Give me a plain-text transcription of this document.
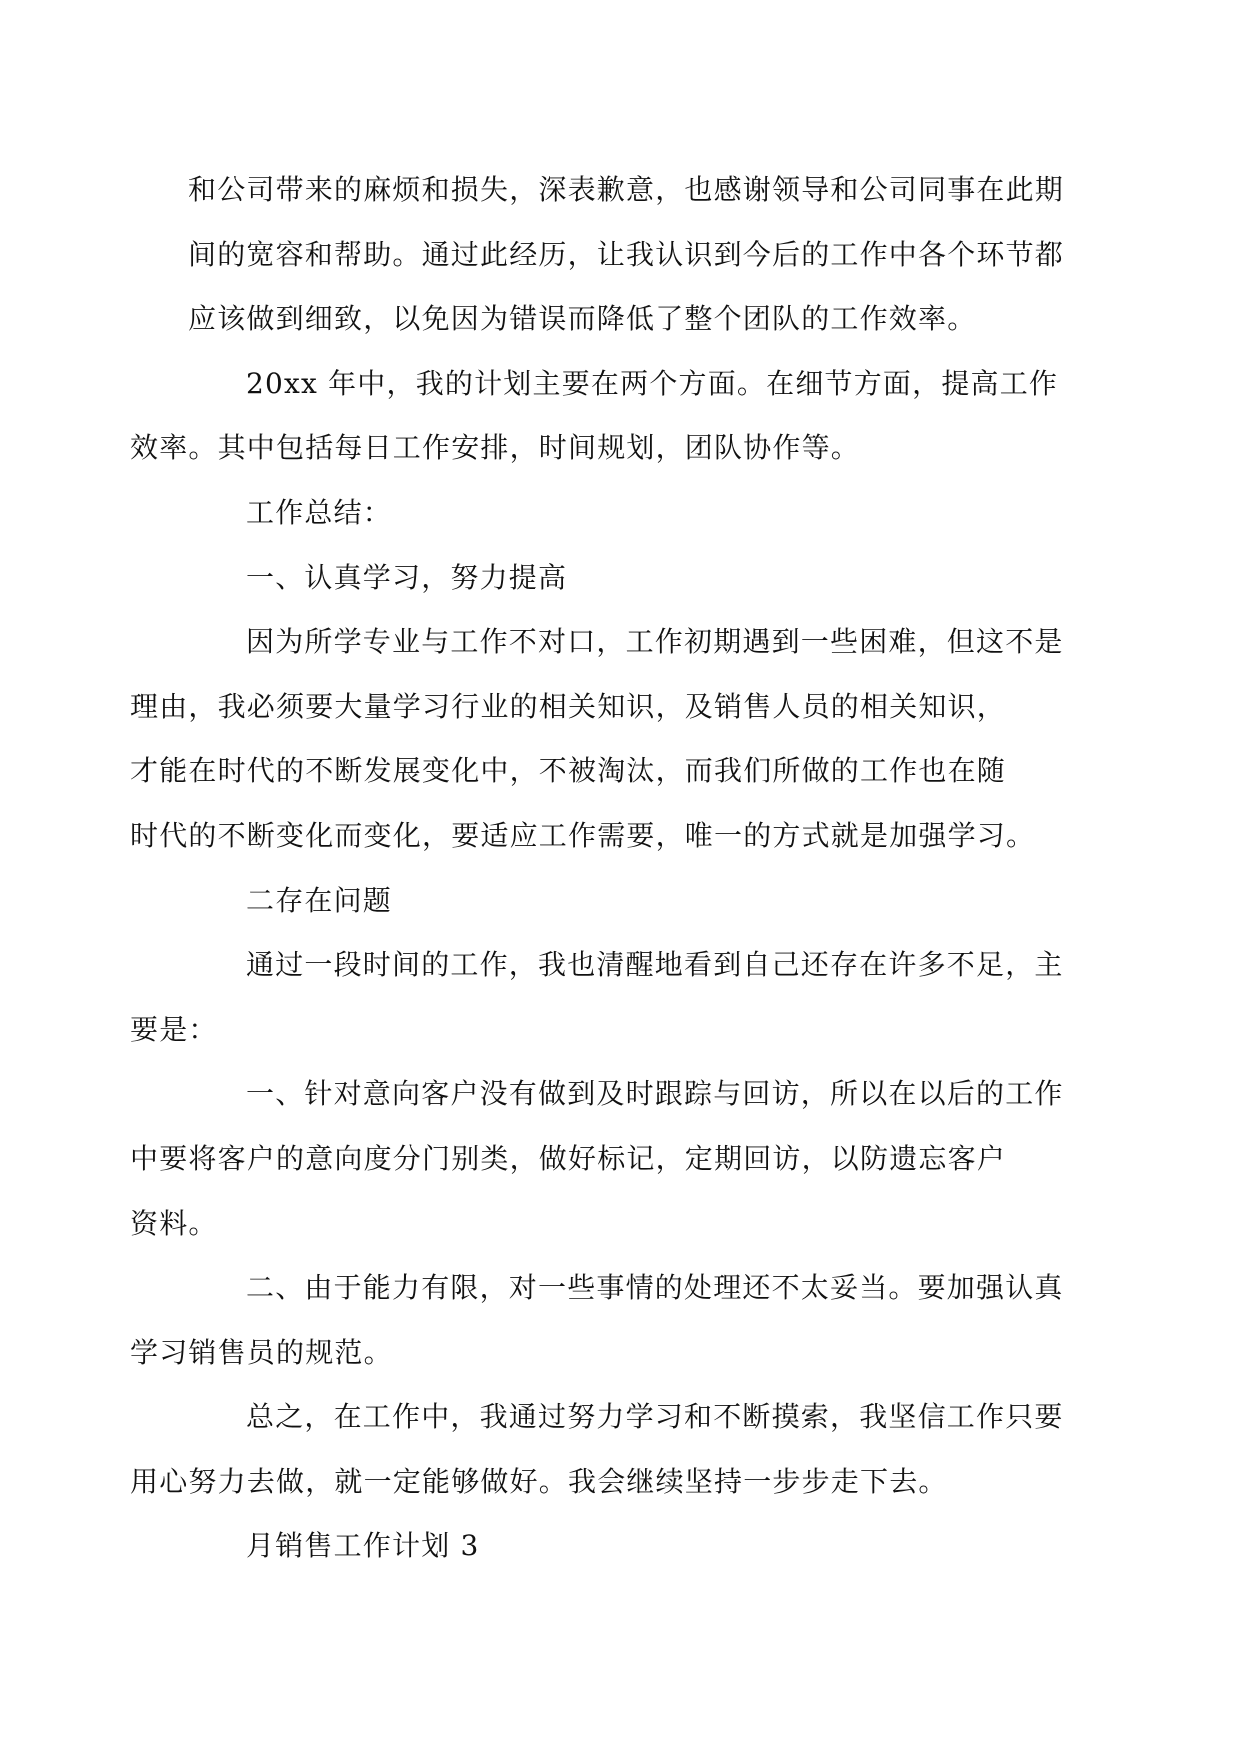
和公司带来的麻烦和损失，深表歉意，也感谢领导和公司同事在此期
间的宽容和帮助。通过此经历，让我认识到今后的工作中各个环节都
应该做到细致，以免因为错误而降低了整个团队的工作效率。

20xx 年中，我的计划主要在两个方面。在细节方面，提高工作
效率。其中包括每日工作安排，时间规划，团队协作等。

工作总结：

一、认真学习，努力提高

因为所学专业与工作不对口，工作初期遇到一些困难，但这不是
理由，我必须要大量学习行业的相关知识，及销售人员的相关知识，
才能在时代的不断发展变化中，不被淘汰，而我们所做的工作也在随
时代的不断变化而变化，要适应工作需要，唯一的方式就是加强学习。

二存在问题

通过一段时间的工作，我也清醒地看到自己还存在许多不足，主
要是：

一、针对意向客户没有做到及时跟踪与回访，所以在以后的工作
中要将客户的意向度分门别类，做好标记，定期回访，以防遗忘客户
资料。

二、由于能力有限，对一些事情的处理还不太妥当。要加强认真
学习销售员的规范。

总之，在工作中，我通过努力学习和不断摸索，我坚信工作只要
用心努力去做，就一定能够做好。我会继续坚持一步步走下去。

月销售工作计划 3
